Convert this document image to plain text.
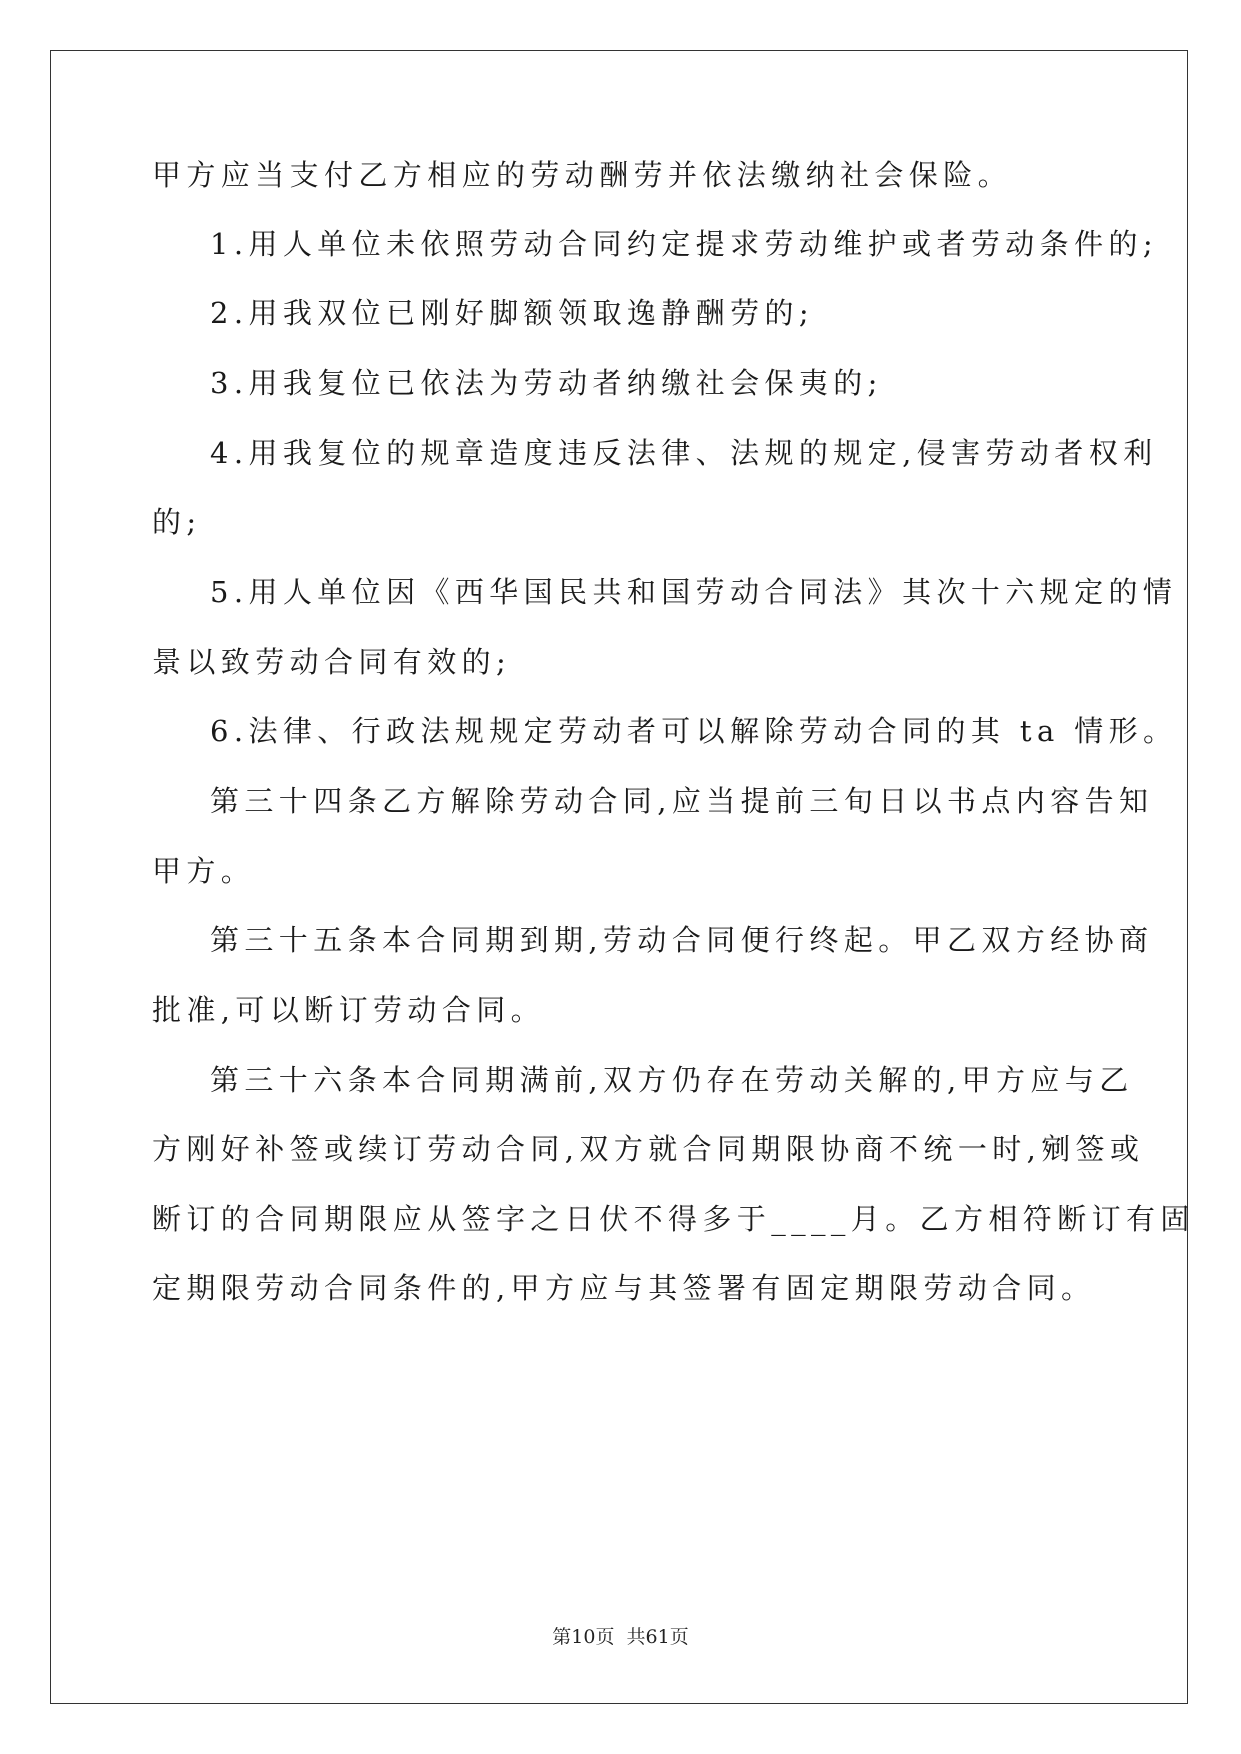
甲方应当支付乙方相应的劳动酬劳并依法缴纳社会保险。
1.用人单位未依照劳动合同约定提求劳动维护或者劳动条件的;
2.用我双位已刚好脚额领取逸静酬劳的;
3.用我复位已依法为劳动者纳缴社会保夷的;
4.用我复位的规章造度违反法律、法规的规定,侵害劳动者权利
的;
5.用人单位因《西华国民共和国劳动合同法》其次十六规定的情
景以致劳动合同有效的;
6.法律、行政法规规定劳动者可以解除劳动合同的其 ta 情形。
第三十四条乙方解除劳动合同,应当提前三旬日以书点内容告知
甲方。
第三十五条本合同期到期,劳动合同便行终起。甲乙双方经协商
批准,可以断订劳动合同。
第三十六条本合同期满前,双方仍存在劳动关解的,甲方应与乙
方刚好补签或续订劳动合同,双方就合同期限协商不统一时,剜签或
断订的合同期限应从签字之日伏不得多于____月。乙方相符断订有固
定期限劳动合同条件的,甲方应与其签署有固定期限劳动合同。
第10页  共61页
